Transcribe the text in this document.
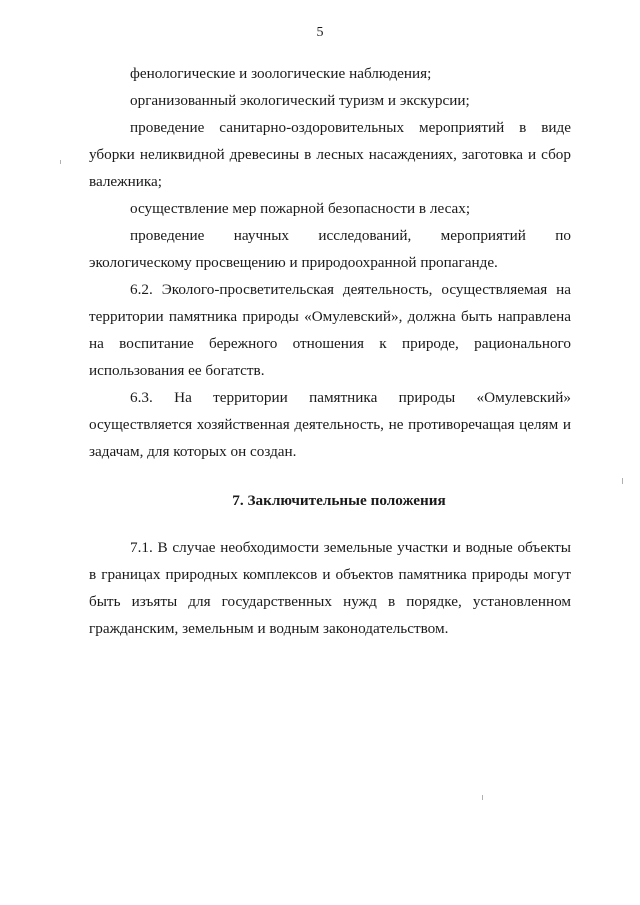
5

фенологические и зоологические наблюдения;

организованный экологический туризм и экскурсии;

проведение санитарно-оздоровительных мероприятий в виде уборки неликвидной древесины в лесных насаждениях, заготовка и сбор валежника;

осуществление мер пожарной безопасности в лесах;

проведение научных исследований, мероприятий по экологическому просвещению и природоохранной пропаганде.

6.2. Эколого-просветительская деятельность, осуществляемая на территории памятника природы «Омулевский», должна быть направлена на воспитание бережного отношения к природе, рационального использования ее богатств.

6.3. На территории памятника природы «Омулевский» осуществляется хозяйственная деятельность, не противоречащая целям и задачам, для которых он создан.

7. Заключительные положения

7.1. В случае необходимости земельные участки и водные объекты в границах природных комплексов и объектов памятника природы могут быть изъяты для государственных нужд в порядке, установленном гражданским, земельным и водным законодательством.
